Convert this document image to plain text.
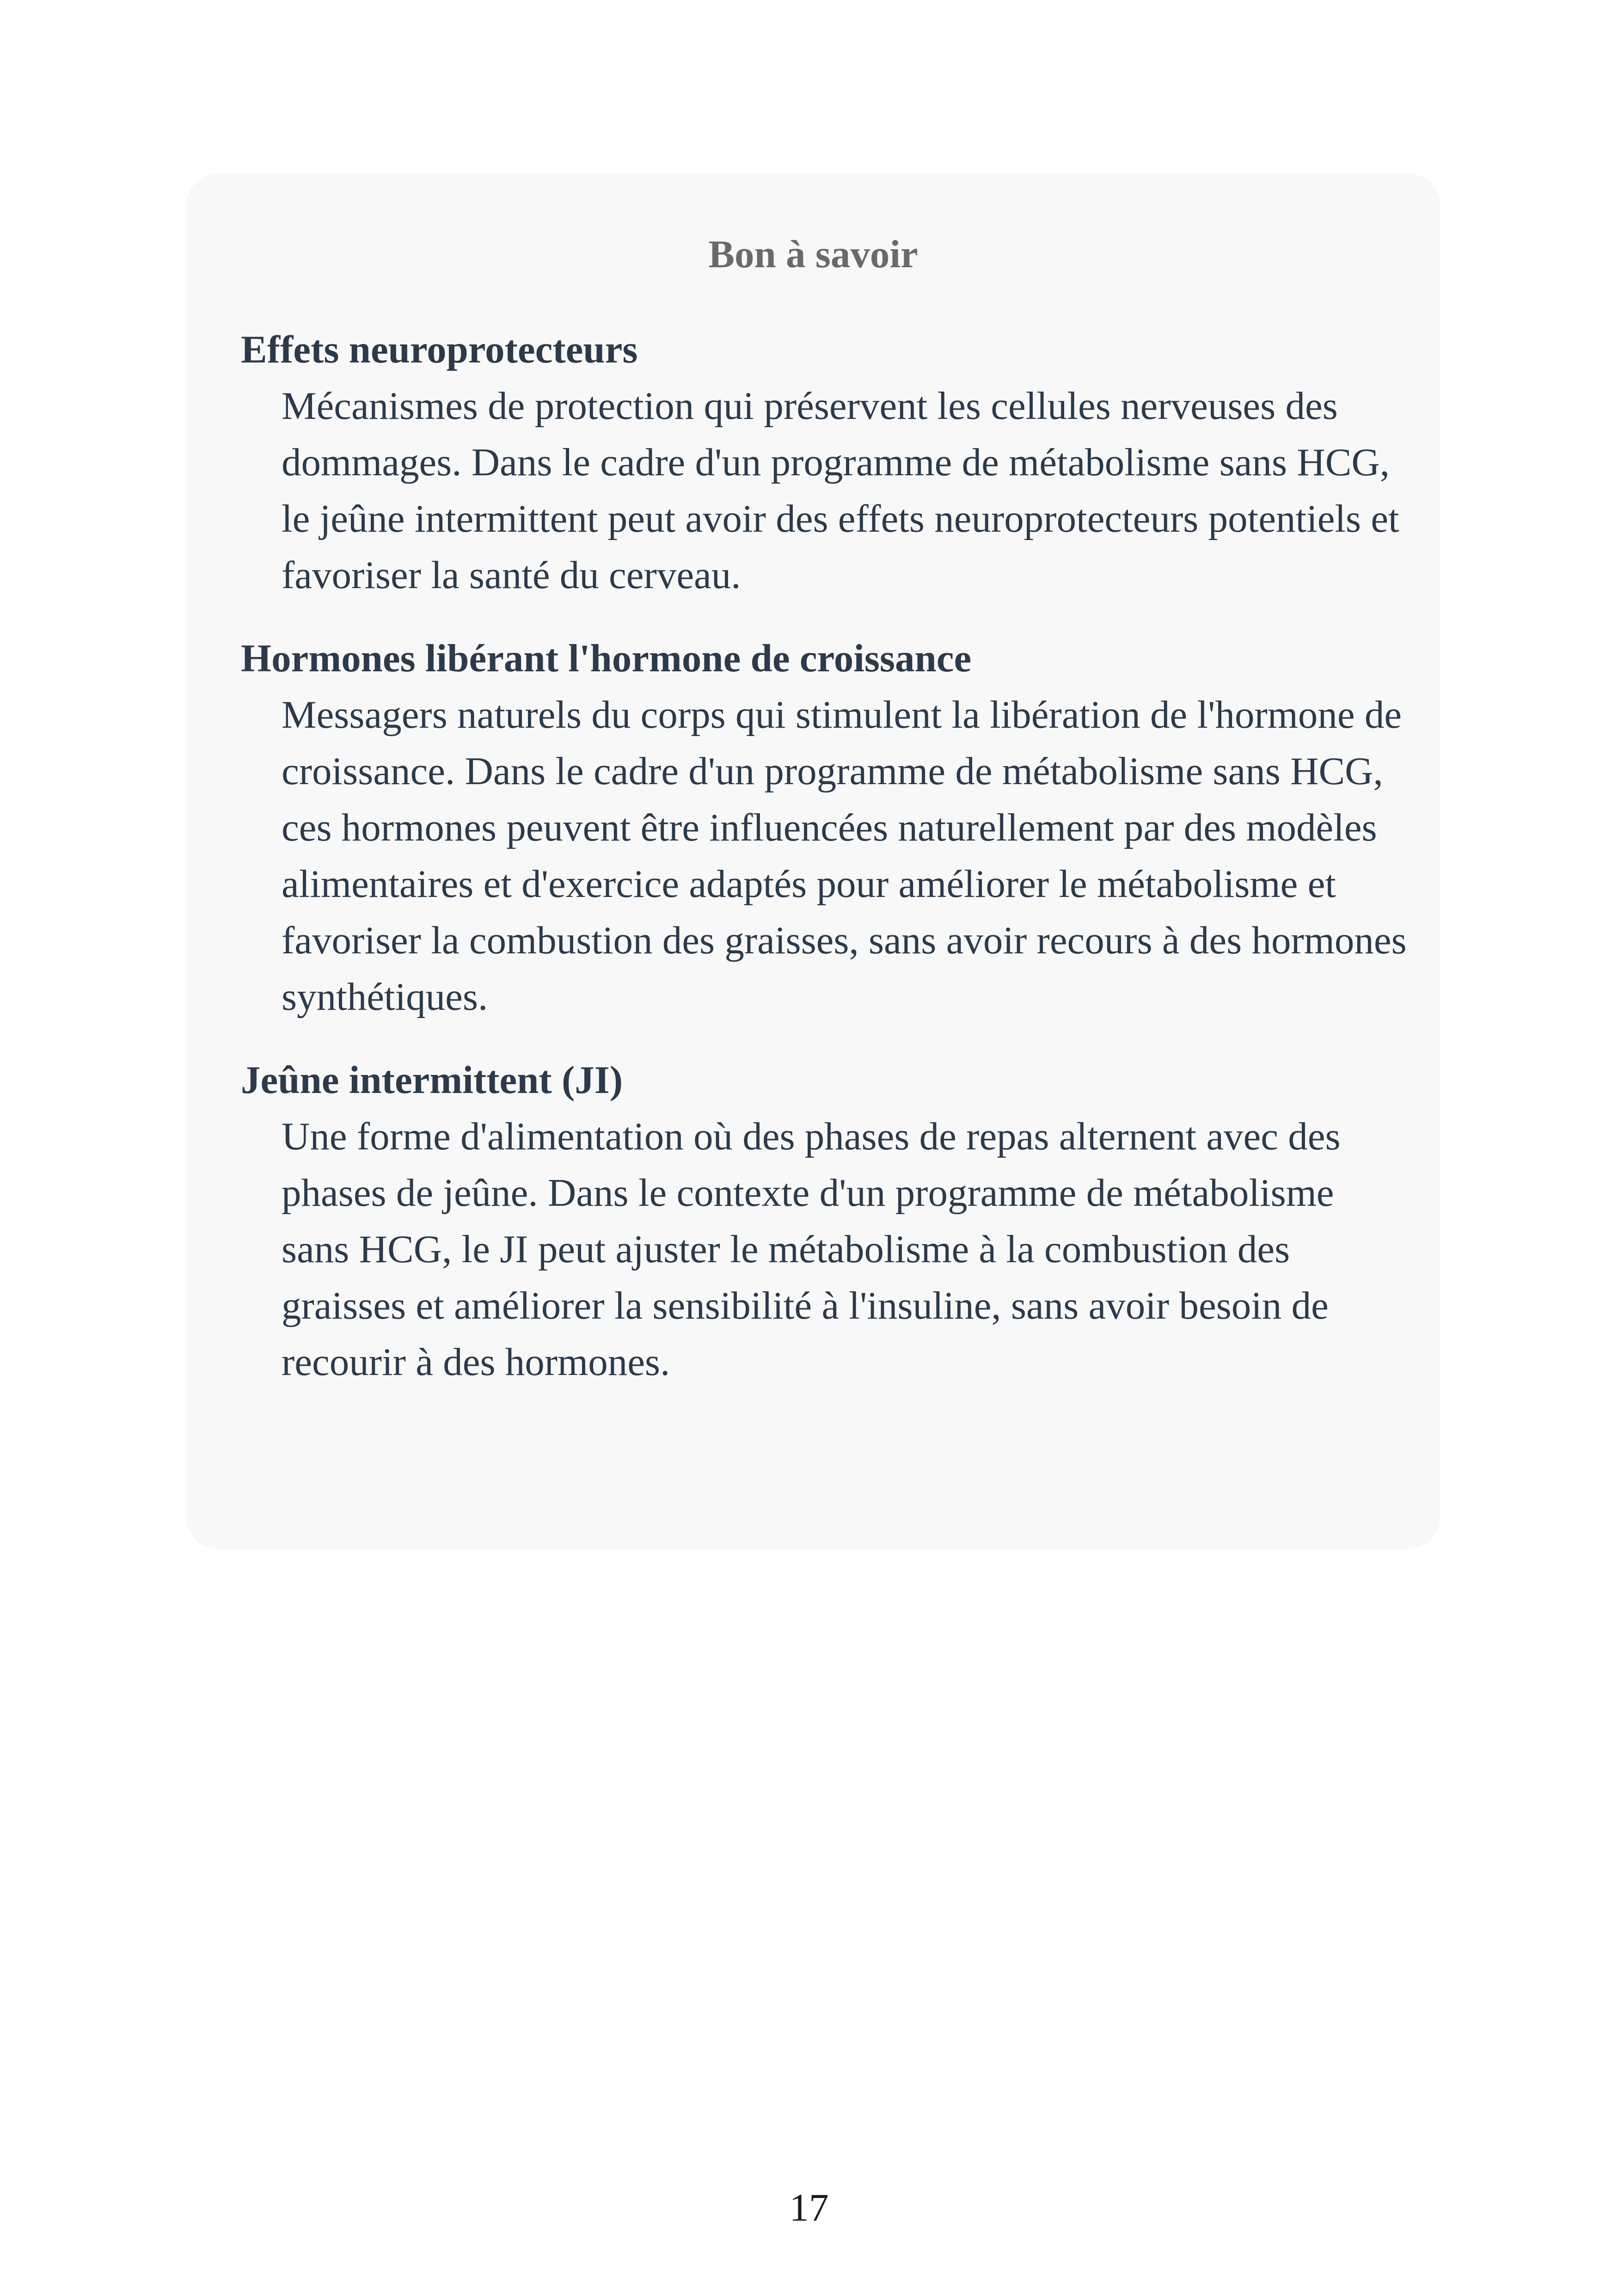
Bon à savoir
Effets neuroprotecteurs
Mécanismes de protection qui préservent les cellules nerveuses des dommages. Dans le cadre d'un programme de métabolisme sans HCG, le jeûne intermittent peut avoir des effets neuroprotecteurs potentiels et favoriser la santé du cerveau.
Hormones libérant l'hormone de croissance
Messagers naturels du corps qui stimulent la libération de l'hormone de croissance. Dans le cadre d'un programme de métabolisme sans HCG, ces hormones peuvent être influencées naturellement par des modèles alimentaires et d'exercice adaptés pour améliorer le métabolisme et favoriser la combustion des graisses, sans avoir recours à des hormones synthétiques.
Jeûne intermittent (JI)
Une forme d'alimentation où des phases de repas alternent avec des phases de jeûne. Dans le contexte d'un programme de métabolisme sans HCG, le JI peut ajuster le métabolisme à la combustion des graisses et améliorer la sensibilité à l'insuline, sans avoir besoin de recourir à des hormones.
17
